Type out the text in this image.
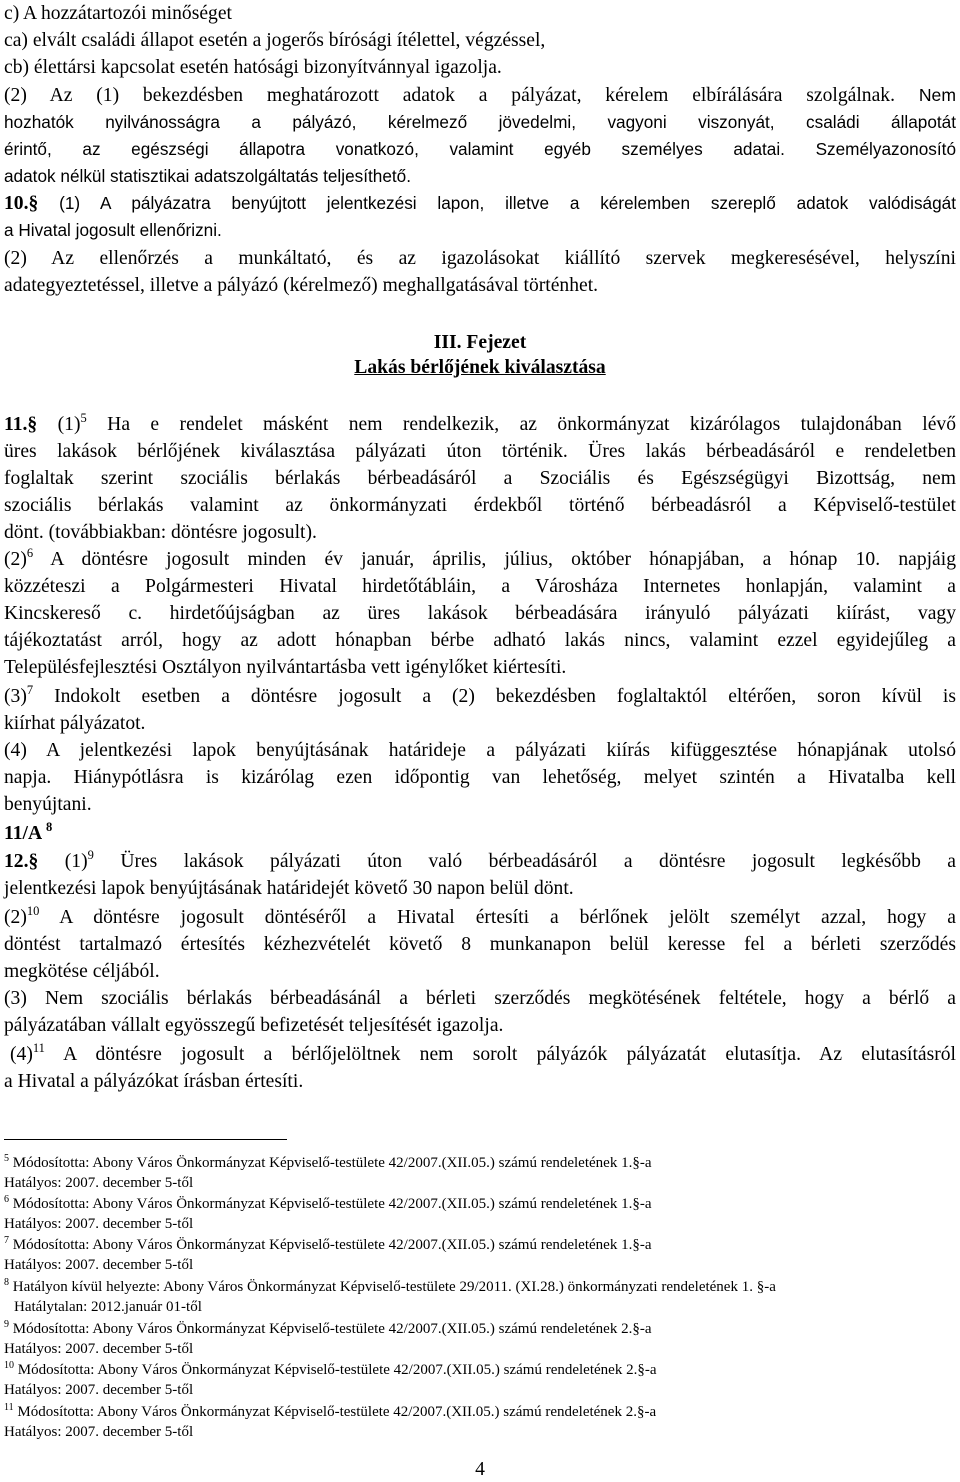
c) A hozzátartozói minőséget
ca) elvált családi állapot esetén a jogerős bírósági ítélettel, végzéssel,
cb) élettársi kapcsolat esetén hatósági bizonyítvánnyal igazolja.
(2) Az (1) bekezdésben meghatározott adatok a pályázat, kérelem elbírálására szolgálnak. Nem
hozhatók nyilvánosságra a pályázó, kérelmező jövedelmi, vagyoni viszonyát, családi állapotát
érintő, az egészségi állapotra vonatkozó, valamint egyéb személyes adatai. Személyazonosító
adatok nélkül statisztikai adatszolgáltatás teljesíthető.
10.§ (1) A pályázatra benyújtott jelentkezési lapon, illetve a kérelemben szereplő adatok valódiságát
a Hivatal jogosult ellenőrizni.
(2) Az ellenőrzés a munkáltató, és az igazolásokat kiállító szervek megkeresésével, helyszíni
adategyeztetéssel, illetve a pályázó (kérelmező) meghallgatásával történhet.
III. Fejezet
Lakás bérlőjének kiválasztása
11.§ $(1)^5$ Ha e rendelet másként nem rendelkezik, az önkormányzat kizárólagos tulajdonában lévő
üres lakások bérlőjének kiválasztása pályázati úton történik. Üres lakás bérbeadásáról e rendeletben
foglaltak szerint szociális bérlakás bérbeadásáról a Szociális és Egészségügyi Bizottság, nem
szociális bérlakás valamint az önkormányzati érdekből történő bérbeadásról a Képviselő-testület
dönt. (továbbiakban: döntésre jogosult).
$(2)^6$ A döntésre jogosult minden év január, április, július, október hónapjában, a hónap 10. napjáig
közzéteszi a Polgármesteri Hivatal hirdetőtábláin, a Városháza Internetes honlapján, valamint a
Kincskereső c. hirdetőújságban az üres lakások bérbeadására irányuló pályázati kiírást, vagy
tájékoztatást arról, hogy az adott hónapban bérbe adható lakás nincs, valamint ezzel egyidejűleg a
Településfejlesztési Osztályon nyilvántartásba vett igénylőket kiértesíti.
$(3)^7$ Indokolt esetben a döntésre jogosult a (2) bekezdésben foglaltaktól eltérően, soron kívül is
kiírhat pályázatot.
(4) A jelentkezési lapok benyújtásának határideje a pályázati kiírás kifüggesztése hónapjának utolsó
napja. Hiánypótlásra is kizárólag ezen időpontig van lehetőség, melyet szintén a Hivatalba kell
benyújtani.
11/A $^8$
12.§ $(1)^9$ Üres lakások pályázati úton való bérbeadásáról a döntésre jogosult legkésőbb a
jelentkezési lapok benyújtásának határidejét követő 30 napon belül dönt.
$(2)^{10}$ A döntésre jogosult döntéséről a Hivatal értesíti a bérlőnek jelölt személyt azzal, hogy a
döntést tartalmazó értesítés kézhezvételét követő 8 munkanapon belül keresse fel a bérleti szerződés
megkötése céljából.
(3) Nem szociális bérlakás bérbeadásánál a bérleti szerződés megkötésének feltétele, hogy a bérlő a
pályázatában vállalt egyösszegű befizetését teljesítését igazolja.
$(4)^{11}$ A döntésre jogosult a bérlőjelöltnek nem sorolt pályázók pályázatát elutasítja. Az elutasításról
a Hivatal a pályázókat írásban értesíti.
$^5$ Módosította: Abony Város Önkormányzat Képviselő-testülete 42/2007.(XII.05.) számú rendeletének 1.§-a
Hatályos: 2007. december 5-től
$^6$ Módosította: Abony Város Önkormányzat Képviselő-testülete 42/2007.(XII.05.) számú rendeletének 1.§-a
Hatályos: 2007. december 5-től
$^7$ Módosította: Abony Város Önkormányzat Képviselő-testülete 42/2007.(XII.05.) számú rendeletének 1.§-a
Hatályos: 2007. december 5-től
$^8$ Hatályon kívül helyezte: Abony Város Önkormányzat Képviselő-testülete 29/2011. (XI.28.) önkormányzati rendeletének 1. §-a
Hatálytalan: 2012.január 01-től
$^9$ Módosította: Abony Város Önkormányzat Képviselő-testülete 42/2007.(XII.05.) számú rendeletének 2.§-a
Hatályos: 2007. december 5-től
$^{10}$ Módosította: Abony Város Önkormányzat Képviselő-testülete 42/2007.(XII.05.) számú rendeletének 2.§-a
Hatályos: 2007. december 5-től
$^{11}$ Módosította: Abony Város Önkormányzat Képviselő-testülete 42/2007.(XII.05.) számú rendeletének 2.§-a
Hatályos: 2007. december 5-től
4
